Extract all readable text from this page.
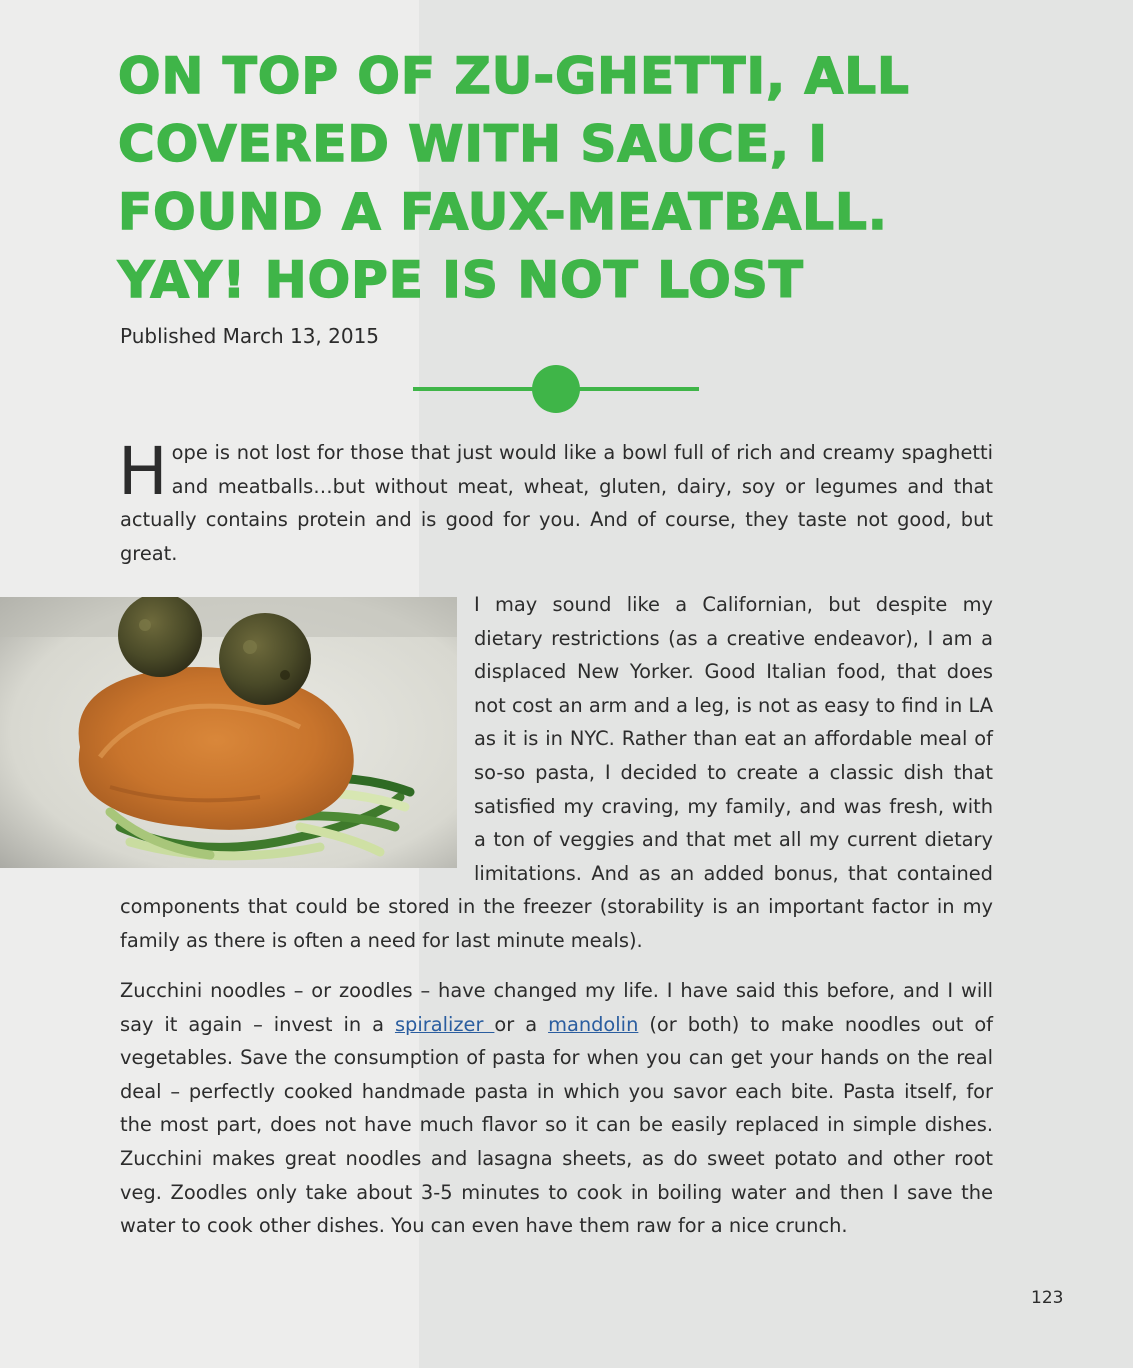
ON TOP OF ZU-GHETTI, ALL COVERED WITH SAUCE, I FOUND A FAUX-MEATBALL. YAY! HOPE IS NOT LOST
Published March 13, 2015

Hope is not lost for those that just would like a bowl full of rich and creamy spaghetti and meatballs…but without meat, wheat, gluten, dairy, soy or legumes and that actually contains protein and is good for you. And of course, they taste not good, but great.

I may sound like a Californian, but despite my dietary restrictions (as a creative endeavor), I am a displaced New Yorker. Good Italian food, that does not cost an arm and a leg, is not as easy to find in LA as it is in NYC. Rather than eat an affordable meal of so-so pasta, I decided to create a classic dish that satisfied my craving, my family, and was fresh, with a ton of veggies and that met all my current dietary limitations. And as an added bonus, that contained

components that could be stored in the freezer (storability is an important factor in my family as there is often a need for last minute meals).

Zucchini noodles – or zoodles – have changed my life. I have said this before, and I will say it again – invest in a spiralizer or a mandolin (or both) to make noodles out of vegetables. Save the consumption of pasta for when you can get your hands on the real deal – perfectly cooked handmade pasta in which you savor each bite. Pasta itself, for the most part, does not have much flavor so it can be easily replaced in simple dishes. Zucchini makes great noodles and lasagna sheets, as do sweet potato and other root veg. Zoodles only take about 3-5 minutes to cook in boiling water and then I save the water to cook other dishes. You can even have them raw for a nice crunch.

123
